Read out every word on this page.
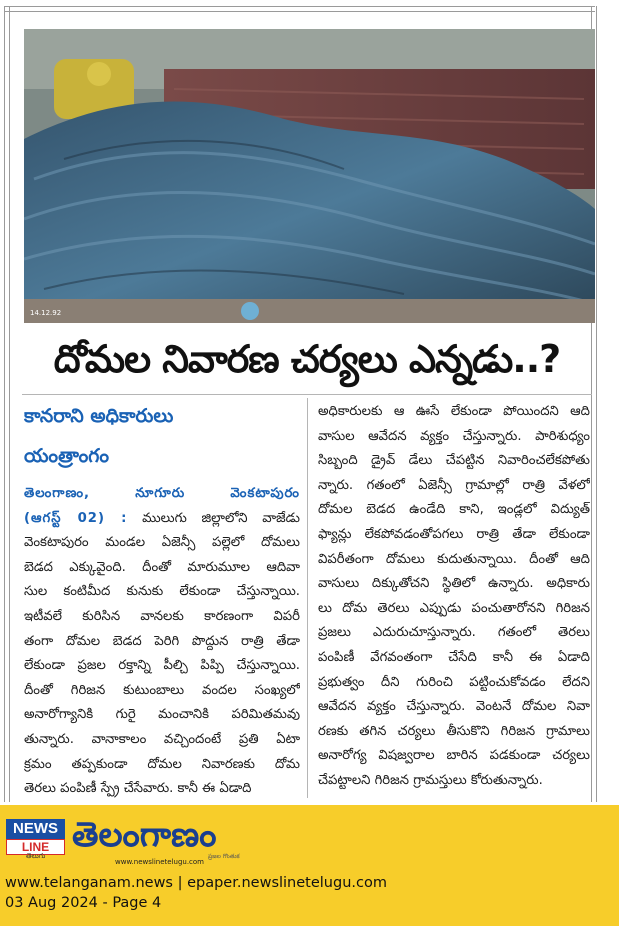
14.12.92
దోమల నివారణ చర్యలు ఎన్నడు..?
కానరాని అధికారులు
యంత్రాంగం

తెలంగాణం, నూగూరు వెంకటాపురం

(ఆగస్ట్ 02) : ములుగు జిల్లాలోని వాజేడు

వెంకటాపురం మండల ఏజెన్సీ పల్లెలో దోమలు

బెడద ఎక్కువైంది. దీంతో మారుమూల ఆదివా

సుల కంటిమీద కునుకు లేకుండా చేస్తున్నాయి.

ఇటీవలే కురిసిన వానలకు కారణంగా విపరీ

తంగా దోమల బెడద పెరిగి పొద్దున రాత్రి తేడా

లేకుండా ప్రజల రక్తాన్ని పీల్చి పిప్పి చేస్తున్నాయి.

దీంతో గిరిజన కుటుంబాలు వందల సంఖ్యలో

అనారోగ్యానికి గురై మంచానికి పరిమితమవు

తున్నారు. వానాకాలం వచ్చిందంటే ప్రతి ఏటా

క్రమం తప్పకుండా దోమల నివారణకు దోమ

తెరలు పంపిణీ స్ప్రే చేసేవారు. కానీ ఈ ఏడాది

అధికారులకు ఆ ఊసే లేకుండా పోయిందని ఆది

వాసుల ఆవేదన వ్యక్తం చేస్తున్నారు. పారిశుధ్యం

సిబ్బంది డ్రైవ్ డేలు చేపట్టిన నివారించలేకపోతు

న్నారు. గతంలో ఏజెన్సీ గ్రామాల్లో రాత్రి వేళలో

దోమల బెడద ఉండేది కాని, ఇండ్లలో విద్యుత్

ఫ్యాన్లు లేకపోవడంతోపగలు రాత్రి తేడా లేకుండా

విపరీతంగా దోమలు కుదుతున్నాయి. దీంతో ఆది

వాసులు దిక్కుతోచని స్థితిలో ఉన్నారు. అధికారు

లు దోమ తెరలు ఎప్పుడు పంచుతారోనని గిరిజన

ప్రజలు ఎదురుచూస్తున్నారు. గతంలో తెరలు

పంపిణీ వేగవంతంగా చేసేది కానీ ఈ ఏడాది

ప్రభుత్వం దీని గురించి పట్టించుకోవడం లేదని

ఆవేదన వ్యక్తం చేస్తున్నారు. వెంటనే దోమల నివా

రణకు తగిన చర్యలు తీసుకొని గిరిజన గ్రామాలు

అనారోగ్య విషజ్వరాల బారిన పడకుండా చర్యలు

చేపట్టాలని గిరిజన గ్రామస్తులు కోరుతున్నారు.

NEWS
LINE
తెలుగు
తెలంగాణం
www.newslinetelugu.com
ప్రజల గొంతుక
www.telanganam.news | epaper.newslinetelugu.com
03 Aug 2024 - Page 4
